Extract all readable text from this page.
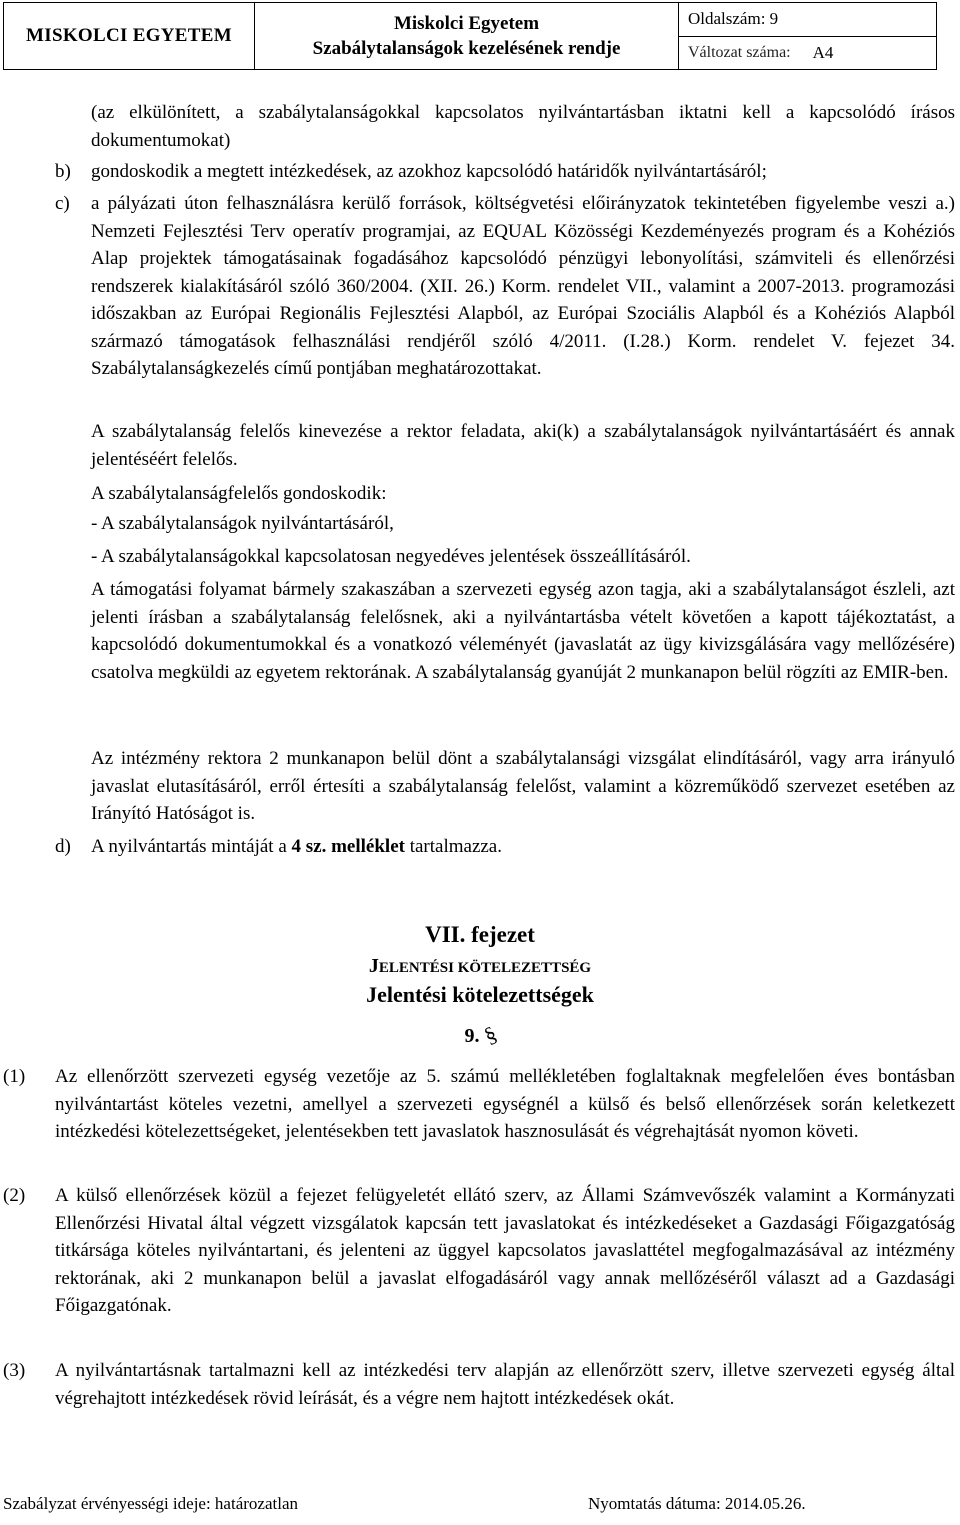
MISKOLCI EGYETEM
Miskolci Egyetem
Szabálytalanságok kezelésének rendje
Oldalszám: 9
Változat száma: A4
(az elkülönített, a szabálytalanságokkal kapcsolatos nyilvántartásban iktatni kell a kapcsolódó írásos dokumentumokat)
b) gondoskodik a megtett intézkedések, az azokhoz kapcsolódó határidők nyilvántartásáról;
c) a pályázati úton felhasználásra kerülő források, költségvetési előirányzatok tekintetében figyelembe veszi a.) Nemzeti Fejlesztési Terv operatív programjai, az EQUAL Közösségi Kezdeményezés program és a Kohéziós Alap projektek támogatásainak fogadásához kapcsolódó pénzügyi lebonyolítási, számviteli és ellenőrzési rendszerek kialakításáról szóló 360/2004. (XII. 26.) Korm. rendelet VII., valamint a 2007-2013. programozási időszakban az Európai Regionális Fejlesztési Alapból, az Európai Szociális Alapból és a Kohéziós Alapból származó támogatások felhasználási rendjéről szóló 4/2011. (I.28.) Korm. rendelet V. fejezet 34. Szabálytalanságkezelés című pontjában meghatározottakat.
A szabálytalanság felelős kinevezése a rektor feladata, aki(k) a szabálytalanságok nyilvántartásáért és annak jelentéséért felelős.
A szabálytalanságfelelős gondoskodik:
- A szabálytalanságok nyilvántartásáról,
- A szabálytalanságokkal kapcsolatosan negyedéves jelentések összeállításáról.
A támogatási folyamat bármely szakaszában a szervezeti egység azon tagja, aki a szabálytalanságot észleli, azt jelenti írásban a szabálytalanság felelősnek, aki a nyilvántartásba vételt követően a kapott tájékoztatást, a kapcsolódó dokumentumokkal és a vonatkozó véleményét (javaslatát az ügy kivizsgálására vagy mellőzésére) csatolva megküldi az egyetem rektorának. A szabálytalanság gyanúját 2 munkanapon belül rögzíti az EMIR-ben.
Az intézmény rektora 2 munkanapon belül dönt a szabálytalansági vizsgálat elindításáról, vagy arra irányuló javaslat elutasításáról, erről értesíti a szabálytalanság felelőst, valamint a közreműködő szervezet esetében az Irányító Hatóságot is.
d) A nyilvántartás mintáját a 4 sz. melléklet tartalmazza.
VII. fejezet
JELENTÉSI KÖTELEZETTSÉG
Jelentési kötelezettségek
9. §
(1) Az ellenőrzött szervezeti egység vezetője az 5. számú mellékletében foglaltaknak megfelelően éves bontásban nyilvántartást köteles vezetni, amellyel a szervezeti egységnél a külső és belső ellenőrzések során keletkezett intézkedési kötelezettségeket, jelentésekben tett javaslatok hasznosulását és végrehajtását nyomon követi.
(2) A külső ellenőrzések közül a fejezet felügyeletét ellátó szerv, az Állami Számvevőszék valamint a Kormányzati Ellenőrzési Hivatal által végzett vizsgálatok kapcsán tett javaslatokat és intézkedéseket a Gazdasági Főigazgatóság titkársága köteles nyilvántartani, és jelenteni az üggyel kapcsolatos javaslattétel megfogalmazásával az intézmény rektorának, aki 2 munkanapon belül a javaslat elfogadásáról vagy annak mellőzéséről választ ad a Gazdasági Főigazgatónak.
(3) A nyilvántartásnak tartalmazni kell az intézkedési terv alapján az ellenőrzött szerv, illetve szervezeti egység által végrehajtott intézkedések rövid leírását, és a végre nem hajtott intézkedések okát.
Szabályzat érvényességi ideje: határozatlan	Nyomtatás dátuma: 2014.05.26.
